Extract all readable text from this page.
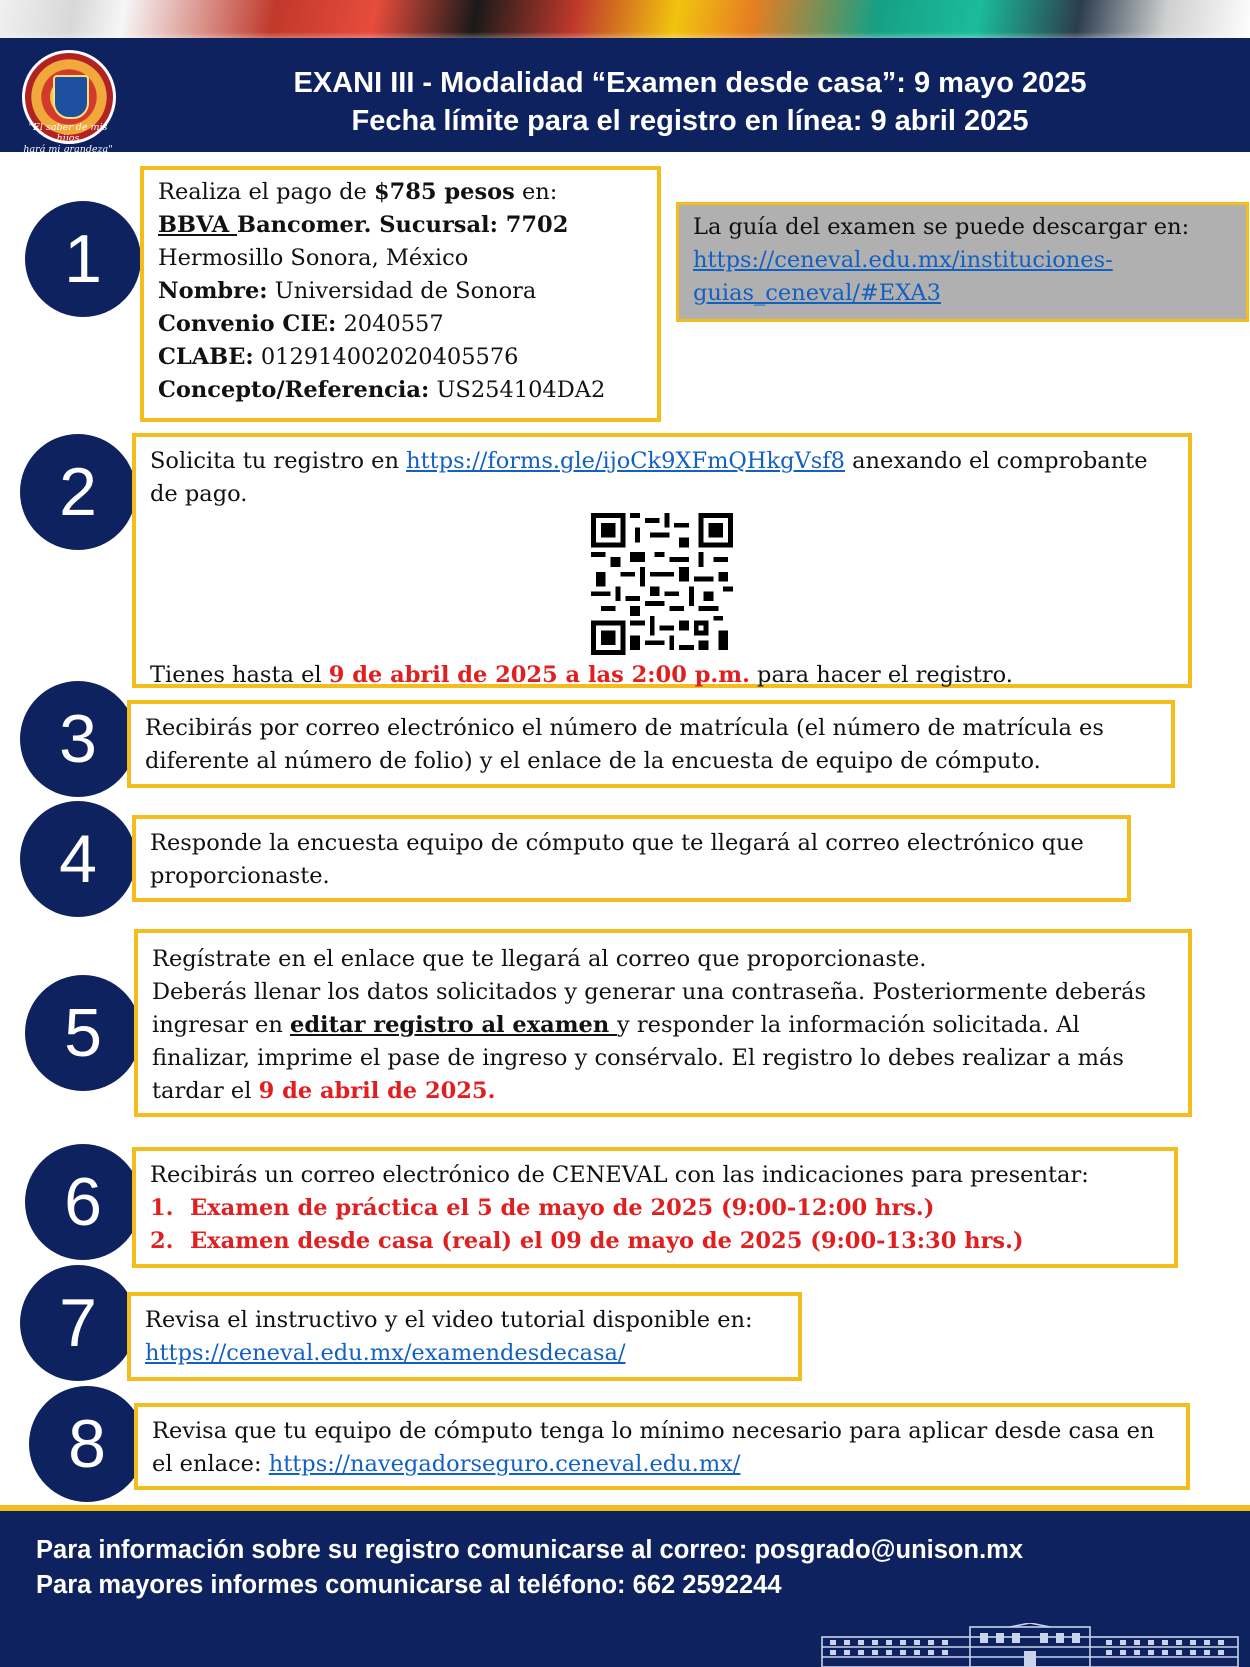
EXANI III - Modalidad “Examen desde casa”: 9 mayo 2025
Fecha límite para el registro en línea: 9 abril 2025
"El saber de mis hijos
hará mi grandeza"
1
Realiza el pago de $785 pesos en:
BBVA Bancomer. Sucursal: 7702
Hermosillo Sonora, México
Nombre: Universidad de Sonora
Convenio CIE: 2040557
CLABE: 012914002020405576
Concepto/Referencia: US254104DA2
La guía del examen se puede descargar en:
https://ceneval.edu.mx/instituciones-guias_ceneval/#EXA3
2	Solicita tu registro en https://forms.gle/ijoCk9XFmQHkgVsf8 anexando el comprobante de pago.
Tienes hasta el 9 de abril de 2025 a las 2:00 p.m. para hacer el registro.
3	Recibirás por correo electrónico el número de matrícula (el número de matrícula es diferente al número de folio) y el enlace de la encuesta de equipo de cómputo.
4	Responde la encuesta equipo de cómputo que te llegará al correo electrónico que proporcionaste.
5
Regístrate en el enlace que te llegará al correo que proporcionaste.
Deberás llenar los datos solicitados y generar una contraseña. Posteriormente deberás ingresar en editar registro al examen y responder la información solicitada. Al finalizar, imprime el pase de ingreso y consérvalo. El registro lo debes realizar a más tardar el 9 de abril de 2025.
6	Recibirás un correo electrónico de CENEVAL con las indicaciones para presentar:
1. Examen de práctica el 5 de mayo de 2025 (9:00-12:00 hrs.)
2. Examen desde casa (real) el 09 de mayo de 2025 (9:00-13:30 hrs.)
7	Revisa el instructivo y el video tutorial disponible en:
https://ceneval.edu.mx/examendesdecasa/
8	Revisa que tu equipo de cómputo tenga lo mínimo necesario para aplicar desde casa en el enlace: https://navegadorseguro.ceneval.edu.mx/
Para información sobre su registro comunicarse al correo: posgrado@unison.mx
Para mayores informes comunicarse al teléfono: 662 2592244
